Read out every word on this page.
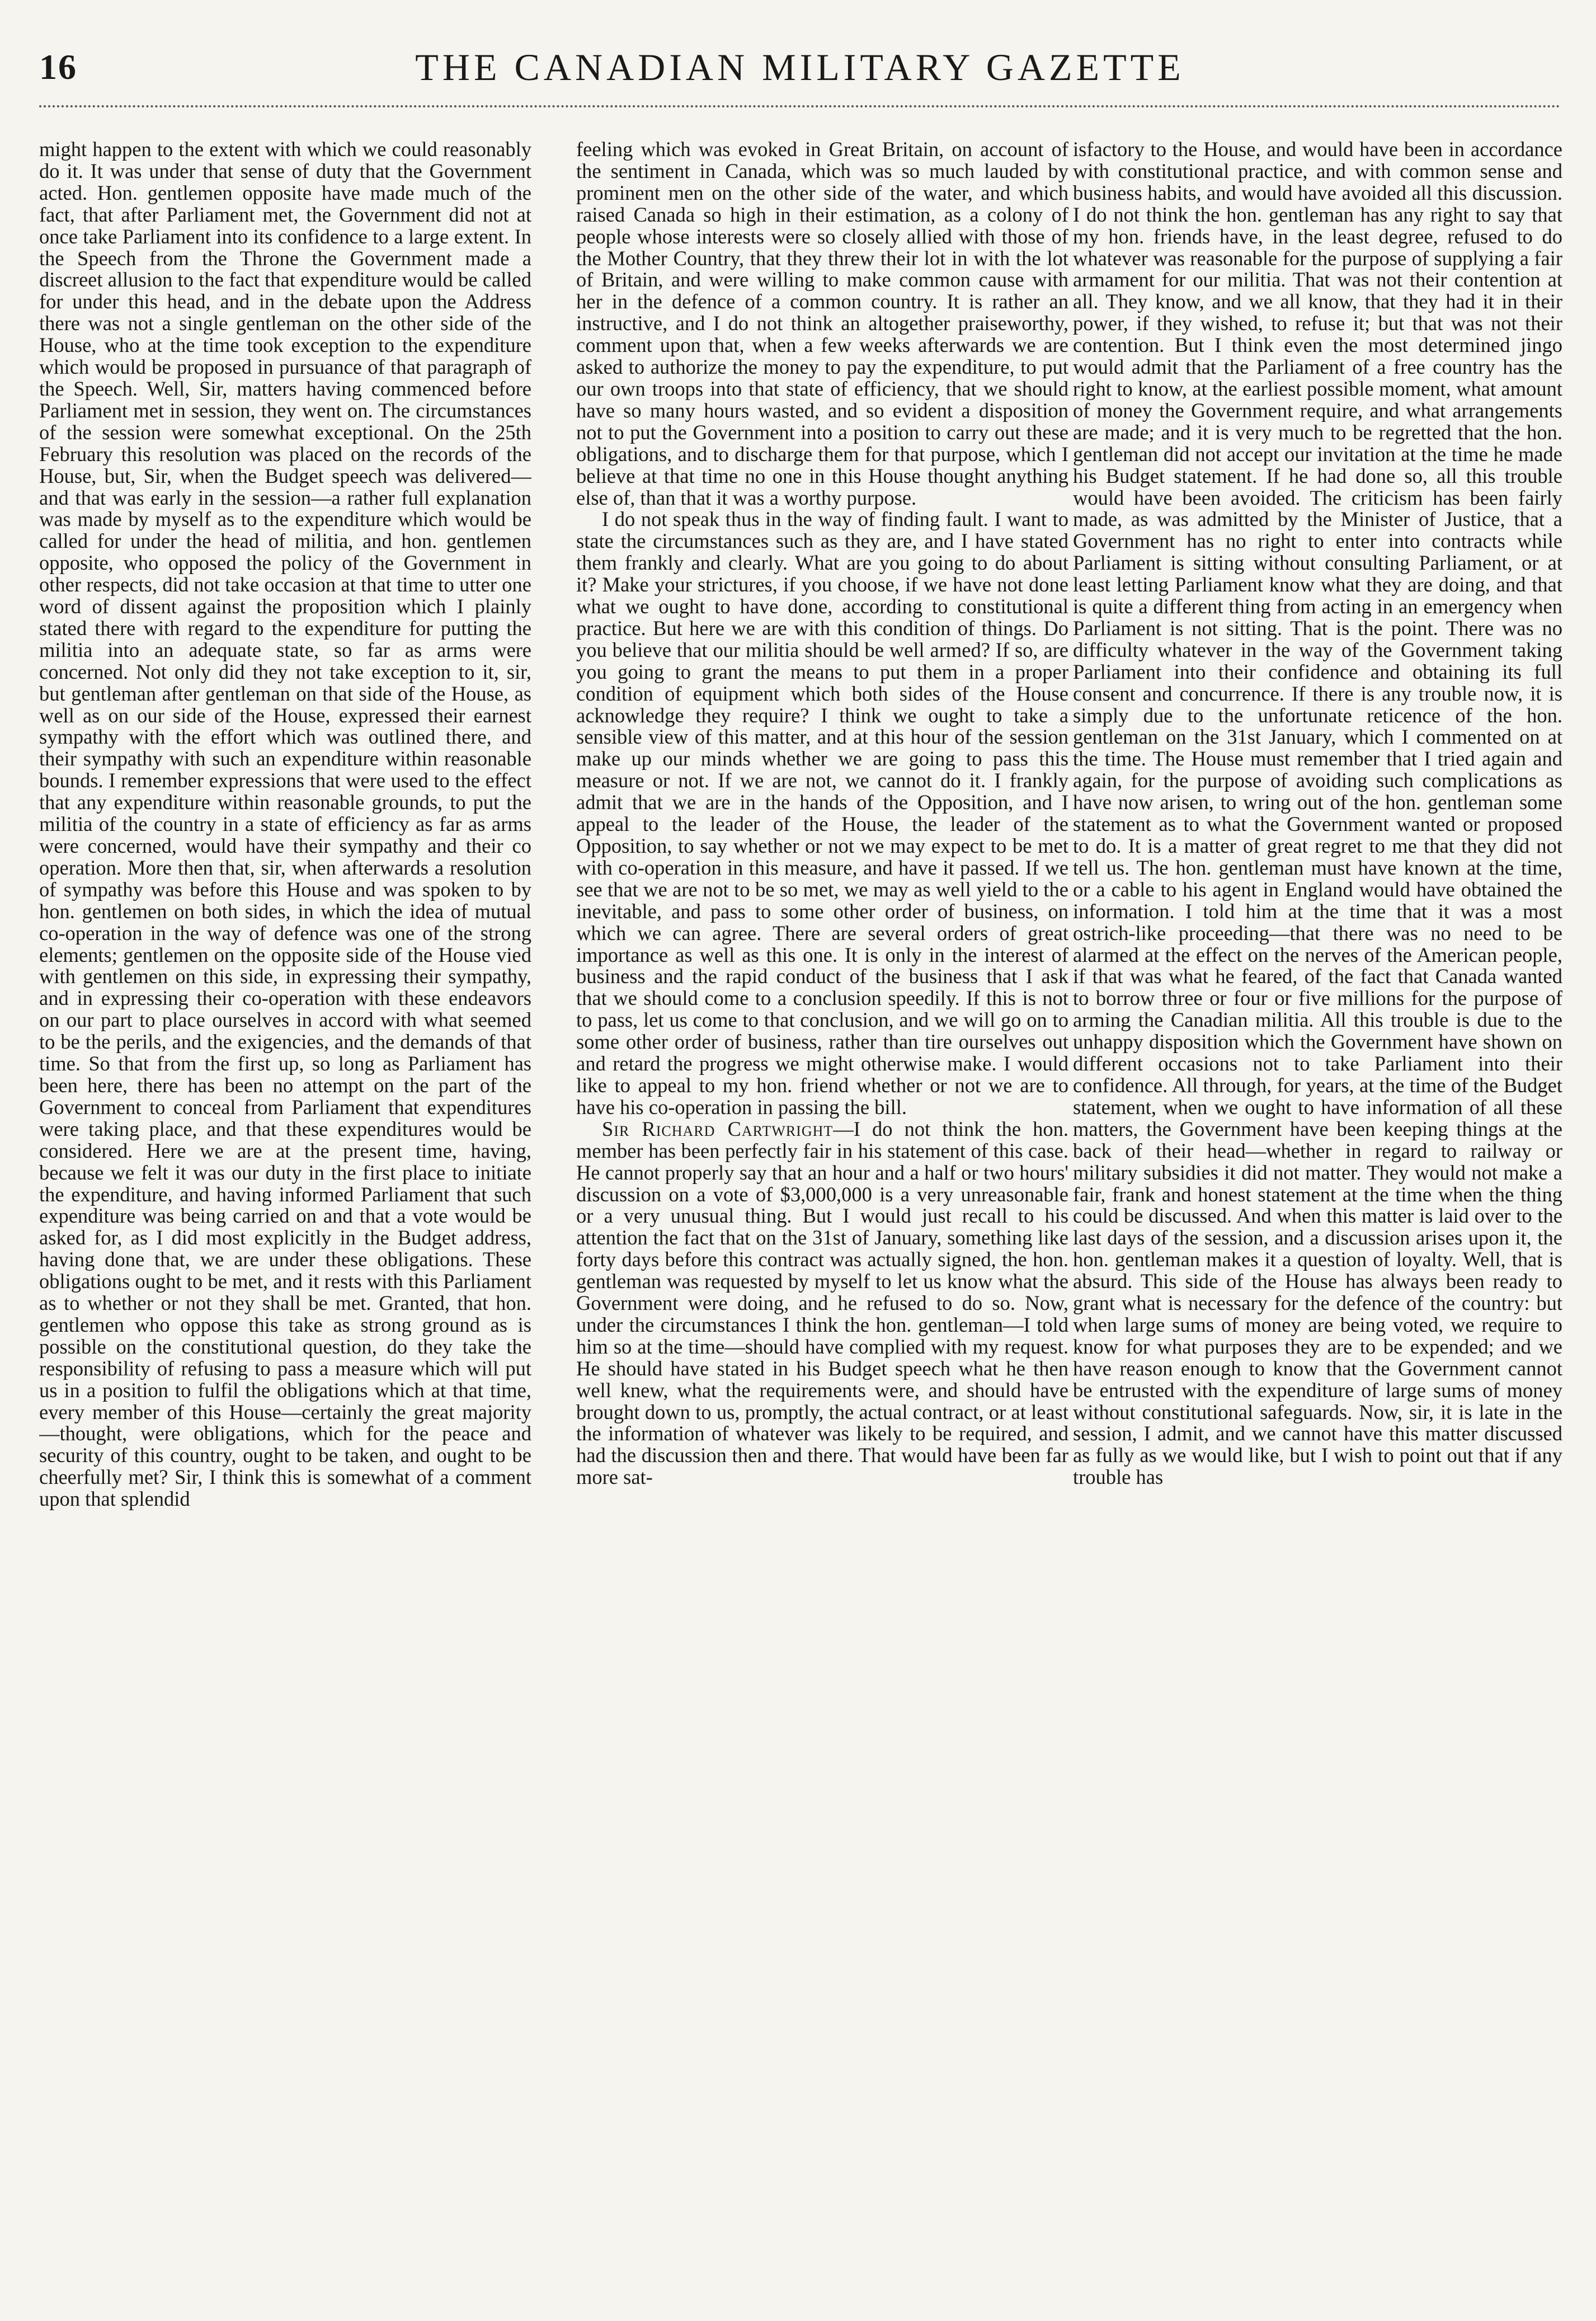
16	THE CANADIAN MILITARY GAZETTE

might happen to the extent with which we could reasonably do it. It was under that sense of duty that the Government acted. Hon. gentlemen opposite have made much of the fact, that after Parliament met, the Government did not at once take Parliament into its confidence to a large extent. In the Speech from the Throne the Government made a discreet allusion to the fact that expenditure would be called for under this head, and in the debate upon the Address there was not a single gentleman on the other side of the House, who at the time took exception to the expenditure which would be proposed in pursuance of that paragraph of the Speech. Well, Sir, matters having commenced before Parliament met in session, they went on. The circumstances of the session were somewhat exceptional. On the 25th February this resolution was placed on the records of the House, but, Sir, when the Budget speech was delivered—and that was early in the session—a rather full explanation was made by myself as to the expenditure which would be called for under the head of militia, and hon. gentlemen opposite, who opposed the policy of the Government in other respects, did not take occasion at that time to utter one word of dissent against the proposition which I plainly stated there with regard to the expenditure for putting the militia into an adequate state, so far as arms were concerned. Not only did they not take exception to it, sir, but gentleman after gentleman on that side of the House, as well as on our side of the House, expressed their earnest sympathy with the effort which was outlined there, and their sympathy with such an expenditure within reasonable bounds. I remember expressions that were used to the effect that any expenditure within reasonable grounds, to put the militia of the country in a state of efficiency as far as arms were concerned, would have their sympathy and their co operation. More then that, sir, when afterwards a resolution of sympathy was before this House and was spoken to by hon. gentlemen on both sides, in which the idea of mutual co-operation in the way of defence was one of the strong elements; gentlemen on the opposite side of the House vied with gentlemen on this side, in expressing their sympathy, and in expressing their co-operation with these endeavors on our part to place ourselves in accord with what seemed to be the perils, and the exigencies, and the demands of that time. So that from the first up, so long as Parliament has been here, there has been no attempt on the part of the Government to conceal from Parliament that expenditures were taking place, and that these expenditures would be considered. Here we are at the present time, having, because we felt it was our duty in the first place to initiate the expenditure, and having informed Parliament that such expenditure was being carried on and that a vote would be asked for, as I did most explicitly in the Budget address, having done that, we are under these obligations. These obligations ought to be met, and it rests with this Parliament as to whether or not they shall be met. Granted, that hon. gentlemen who oppose this take as strong ground as is possible on the constitutional question, do they take the responsibility of refusing to pass a measure which will put us in a position to fulfil the obligations which at that time, every member of this House—certainly the great majority—thought, were obligations, which for the peace and security of this country, ought to be taken, and ought to be cheerfully met? Sir, I think this is somewhat of a comment upon that splendid

feeling which was evoked in Great Britain, on account of the sentiment in Canada, which was so much lauded by prominent men on the other side of the water, and which raised Canada so high in their estimation, as a colony of people whose interests were so closely allied with those of the Mother Country, that they threw their lot in with the lot of Britain, and were willing to make common cause with her in the defence of a common country. It is rather an instructive, and I do not think an altogether praiseworthy, comment upon that, when a few weeks afterwards we are asked to authorize the money to pay the expenditure, to put our own troops into that state of efficiency, that we should have so many hours wasted, and so evident a disposition not to put the Government into a position to carry out these obligations, and to discharge them for that purpose, which I believe at that time no one in this House thought anything else of, than that it was a worthy purpose.

I do not speak thus in the way of finding fault. I want to state the circumstances such as they are, and I have stated them frankly and clearly. What are you going to do about it? Make your strictures, if you choose, if we have not done what we ought to have done, according to constitutional practice. But here we are with this condition of things. Do you believe that our militia should be well armed? If so, are you going to grant the means to put them in a proper condition of equipment which both sides of the House acknowledge they require? I think we ought to take a sensible view of this matter, and at this hour of the session make up our minds whether we are going to pass this measure or not. If we are not, we cannot do it. I frankly admit that we are in the hands of the Opposition, and I appeal to the leader of the House, the leader of the Opposition, to say whether or not we may expect to be met with co-operation in this measure, and have it passed. If we see that we are not to be so met, we may as well yield to the inevitable, and pass to some other order of business, on which we can agree. There are several orders of great importance as well as this one. It is only in the interest of business and the rapid conduct of the business that I ask that we should come to a conclusion speedily. If this is not to pass, let us come to that conclusion, and we will go on to some other order of business, rather than tire ourselves out and retard the progress we might otherwise make. I would like to appeal to my hon. friend whether or not we are to have his co-operation in passing the bill.

Sir Richard Cartwright—I do not think the hon. member has been perfectly fair in his statement of this case. He cannot properly say that an hour and a half or two hours' discussion on a vote of $3,000,000 is a very unreasonable or a very unusual thing. But I would just recall to his attention the fact that on the 31st of January, something like forty days before this contract was actually signed, the hon. gentleman was requested by myself to let us know what the Government were doing, and he refused to do so. Now, under the circumstances I think the hon. gentleman—I told him so at the time—should have complied with my request. He should have stated in his Budget speech what he then well knew, what the requirements were, and should have brought down to us, promptly, the actual contract, or at least the information of whatever was likely to be required, and had the discussion then and there. That would have been far more sat-

isfactory to the House, and would have been in accordance with constitutional practice, and with common sense and business habits, and would have avoided all this discussion. I do not think the hon. gentleman has any right to say that my hon. friends have, in the least degree, refused to do whatever was reasonable for the purpose of supplying a fair armament for our militia. That was not their contention at all. They know, and we all know, that they had it in their power, if they wished, to refuse it; but that was not their contention. But I think even the most determined jingo would admit that the Parliament of a free country has the right to know, at the earliest possible moment, what amount of money the Government require, and what arrangements are made; and it is very much to be regretted that the hon. gentleman did not accept our invitation at the time he made his Budget statement. If he had done so, all this trouble would have been avoided. The criticism has been fairly made, as was admitted by the Minister of Justice, that a Government has no right to enter into contracts while Parliament is sitting without consulting Parliament, or at least letting Parliament know what they are doing, and that is quite a different thing from acting in an emergency when Parliament is not sitting. That is the point. There was no difficulty whatever in the way of the Government taking Parliament into their confidence and obtaining its full consent and concurrence. If there is any trouble now, it is simply due to the unfortunate reticence of the hon. gentleman on the 31st January, which I commented on at the time. The House must remember that I tried again and again, for the purpose of avoiding such complications as have now arisen, to wring out of the hon. gentleman some statement as to what the Government wanted or proposed to do. It is a matter of great regret to me that they did not tell us. The hon. gentleman must have known at the time, or a cable to his agent in England would have obtained the information. I told him at the time that it was a most ostrich-like proceeding—that there was no need to be alarmed at the effect on the nerves of the American people, if that was what he feared, of the fact that Canada wanted to borrow three or four or five millions for the purpose of arming the Canadian militia. All this trouble is due to the unhappy disposition which the Government have shown on different occasions not to take Parliament into their confidence. All through, for years, at the time of the Budget statement, when we ought to have information of all these matters, the Government have been keeping things at the back of their head—whether in regard to railway or military subsidies it did not matter. They would not make a fair, frank and honest statement at the time when the thing could be discussed. And when this matter is laid over to the last days of the session, and a discussion arises upon it, the hon. gentleman makes it a question of loyalty. Well, that is absurd. This side of the House has always been ready to grant what is necessary for the defence of the country: but when large sums of money are being voted, we require to know for what purposes they are to be expended; and we have reason enough to know that the Government cannot be entrusted with the expenditure of large sums of money without constitutional safeguards. Now, sir, it is late in the session, I admit, and we cannot have this matter discussed as fully as we would like, but I wish to point out that if any trouble has
